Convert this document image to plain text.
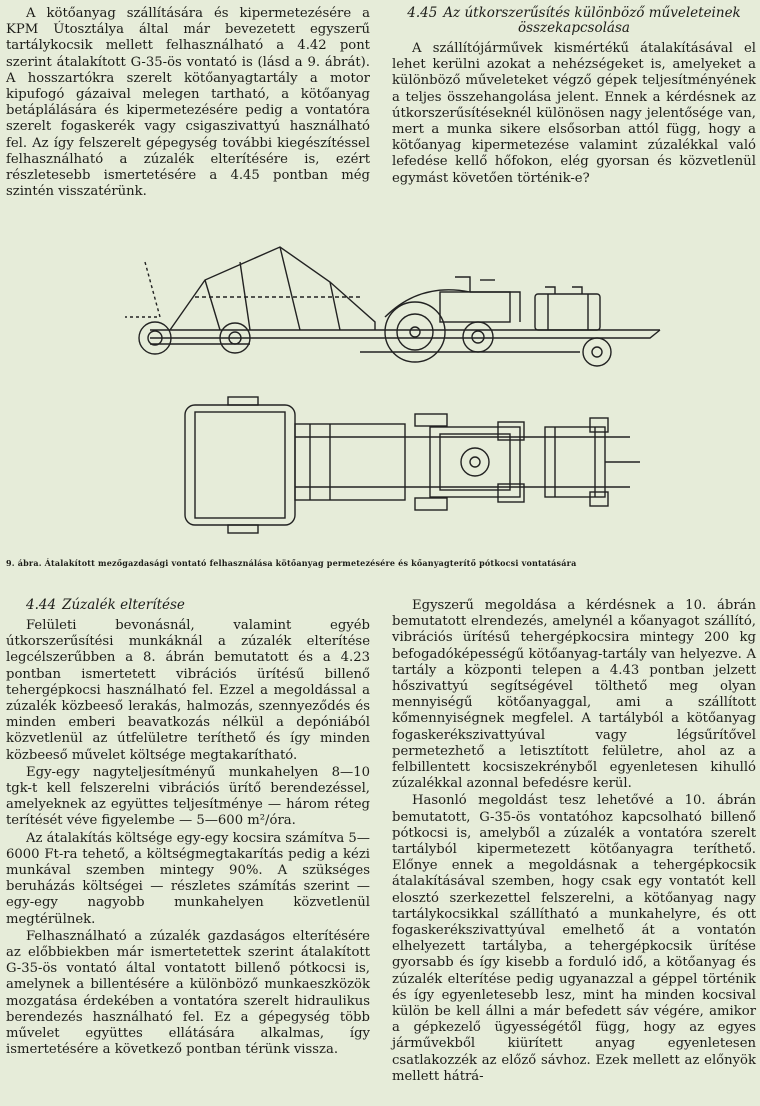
A kötőanyag szállítására és kipermetezésére a KPM Útosztálya által már bevezetett egyszerű tartálykocsik mellett felhasználható a 4.42 pont szerint átalakított G-35-ös vontató is (lásd a 9. ábrát). A hosszartókra szerelt kötőanyagtartály a motor kipufogó gázaival melegen tartható, a kötőanyag betáplálására és kipermetezésére pedig a vontatóra szerelt fogaskerék vagy csigaszivattyú használható fel. Az így felszerelt gépegység további kiegészítéssel felhasználható a zúzalék elterítésére is, ezért részletesebb ismertetésére a 4.45 pontban még szintén visszatérünk.

4.45 Az útkorszerűsítés különböző műveleteinek összekapcsolása

A szállítójárművek kismértékű átalakításával el lehet kerülni azokat a nehézségeket is, amelyeket a különböző műveleteket végző gépek teljesítményének a teljes összehangolása jelent. Ennek a kérdésnek az útkorszerűsítéseknél különösen nagy jelentősége van, mert a munka sikere elsősorban attól függ, hogy a kötőanyag kipermetezése valamint zúzalékkal való lefedése kellő hőfokon, elég gyorsan és közvetlenül egymást követően történik-e?

9. ábra. Átalakított mezőgazdasági vontató felhasználása kötőanyag permetezésére és kőanyagterítő pótkocsi vontatására
4.44 Zúzalék elterítése

Felületi bevonásnál, valamint egyéb útkorszerűsítési munkáknál a zúzalék elterítése legcélszerűbben a 8. ábrán bemutatott és a 4.23 pontban ismertetett vibrációs ürítésű billenő tehergépkocsi használható fel. Ezzel a megoldással a zúzalék közbeeső lerakás, halmozás, szennyeződés és minden emberi beavatkozás nélkül a depóniából közvetlenül az útfelületre teríthető és így minden közbeeső művelet költsége megtakarítható.

Egy-egy nagyteljesítményű munkahelyen 8—10 tgk-t kell felszerelni vibrációs ürítő berendezéssel, amelyeknek az együttes teljesítménye — három réteg terítését véve figyelembe — 5—600 m²/óra.

Az átalakítás költsége egy-egy kocsira számítva 5—6000 Ft-ra tehető, a költségmegtakarítás pedig a kézi munkával szemben mintegy 90%. A szükséges beruházás költségei — részletes számítás szerint — egy-egy nagyobb munkahelyen közvetlenül megtérülnek.

Felhasználható a zúzalék gazdaságos elterítésére az előbbiekben már ismertetettek szerint átalakított G-35-ös vontató által vontatott billenő pótkocsi is, amelynek a billentésére a különböző munkaeszközök mozgatása érdekében a vontatóra szerelt hidraulikus berendezés használható fel. Ez a gépegység több művelet együttes ellátására alkalmas, így ismertetésére a következő pontban térünk vissza.

Egyszerű megoldása a kérdésnek a 10. ábrán bemutatott elrendezés, amelynél a kőanyagot szállító, vibrációs ürítésű tehergépkocsira mintegy 200 kg befogadóképességű kötőanyag-tartály van helyezve. A tartály a központi telepen a 4.43 pontban jelzett hőszivattyú segítségével tölthető meg olyan mennyiségű kötőanyaggal, ami a szállított kőmennyiségnek megfelel. A tartályból a kötőanyag fogaskerékszivattyúval vagy légsűrítővel permetezhető a letisztított felületre, ahol az a felbillentett kocsiszekrényből egyenletesen kihulló zúzalékkal azonnal befedésre kerül.

Hasonló megoldást tesz lehetővé a 10. ábrán bemutatott, G-35-ös vontatóhoz kapcsolható billenő pótkocsi is, amelyből a zúzalék a vontatóra szerelt tartályból kipermetezett kötőanyagra teríthető. Előnye ennek a megoldásnak a tehergépkocsik átalakításával szemben, hogy csak egy vontatót kell elosztó szerkezettel felszerelni, a kötőanyag nagy tartálykocsikkal szállítható a munkahelyre, és ott fogaskerékszivattyúval emelhető át a vontatón elhelyezett tartályba, a tehergépkocsik ürítése gyorsabb és így kisebb a forduló idő, a kötőanyag és zúzalék elterítése pedig ugyanazzal a géppel történik és így egyenletesebb lesz, mint ha minden kocsival külön be kell állni a már befedett sáv végére, amikor a gépkezelő ügyességétől függ, hogy az egyes járművekből kiürített anyag egyenletesen csatlakozzék az előző sávhoz. Ezek mellett az előnyök mellett hátrá-
